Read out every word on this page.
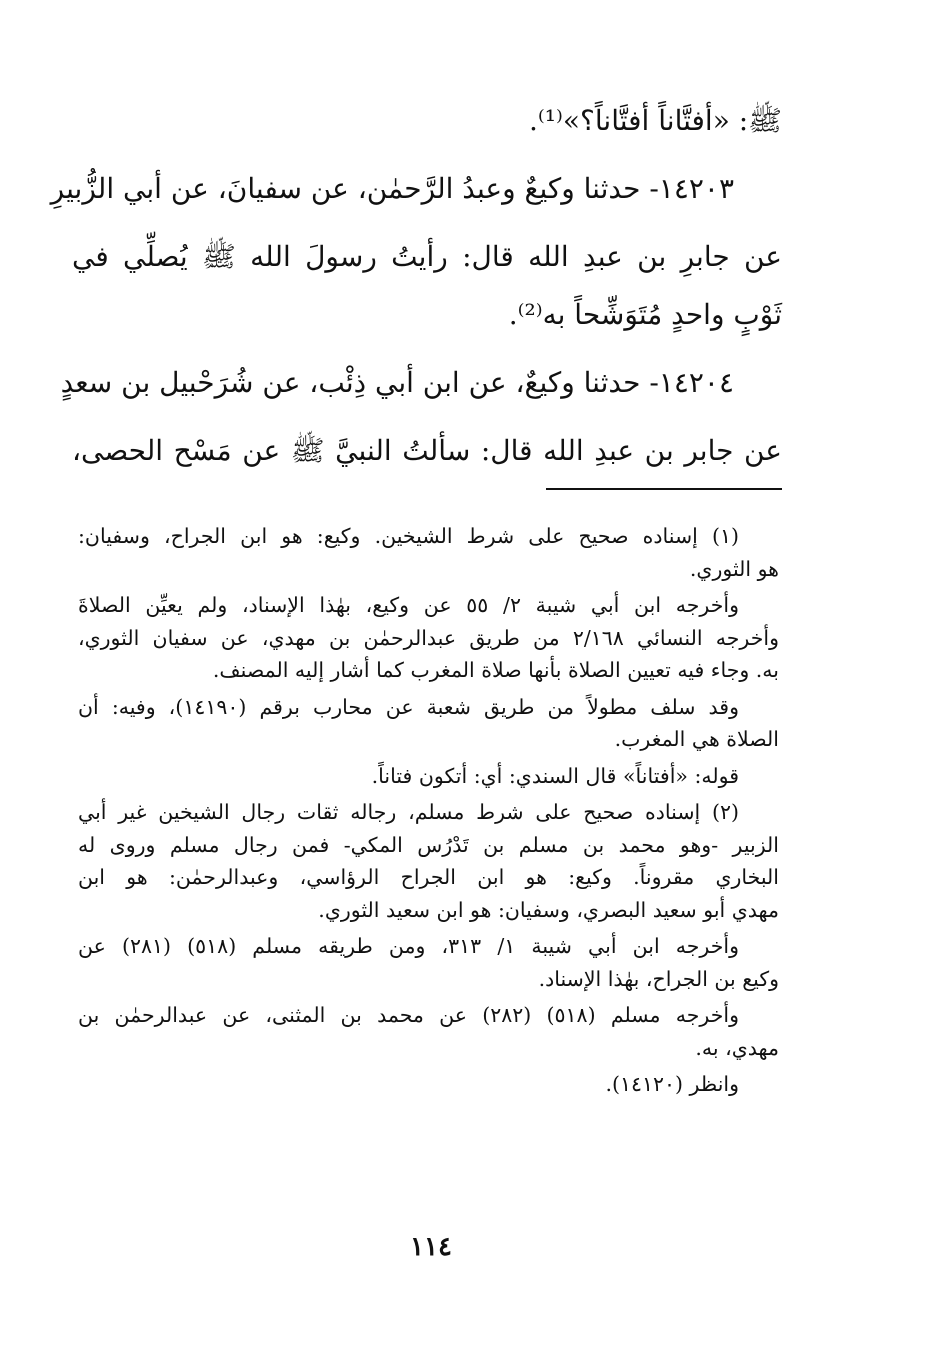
ﷺ: «أفتَّاناً أفتَّاناً؟»⁽¹⁾.
١٤٢٠٣- حدثنا وكيعٌ وعبدُ الرَّحمٰن، عن سفيانَ، عن أبي الزُّبيرِ
عن جابرِ بن عبدِ الله قال: رأيتُ رسولَ الله ﷺ يُصلِّي في
ثَوْبٍ واحدٍ مُتَوَشِّحاً به⁽²⁾.
١٤٢٠٤- حدثنا وكيعٌ، عن ابن أبي ذِئْب، عن شُرَحْبيل بن سعدٍ
عن جابر بن عبدِ الله قال: سألتُ النبيَّ ﷺ عن مَسْح الحصى،
(١) إسناده صحيح على شرط الشيخين. وكيع: هو ابن الجراح، وسفيان:
هو الثوري.
وأخرجه ابن أبي شيبة ٢/ ٥٥ عن وكيع، بهٰذا الإسناد، ولم يعيِّن الصلاةَ
وأخرجه النسائي ٢/١٦٨ من طريق عبدالرحمٰن بن مهدي، عن سفيان الثوري،
به. وجاء فيه تعيين الصلاة بأنها صلاة المغرب كما أشار إليه المصنف.
وقد سلف مطولاً من طريق شعبة عن محارب برقم (١٤١٩٠)، وفيه: أن
الصلاة هي المغرب.
قوله: «أفتاناً» قال السندي: أي: أتكون فتاناً.
(٢) إسناده صحيح على شرط مسلم، رجاله ثقات رجال الشيخين غير أبي
الزبير -وهو محمد بن مسلم بن تَدْرُس المكي- فمن رجال مسلم وروى له
البخاري مقروناً. وكيع: هو ابن الجراح الرؤاسي، وعبدالرحمٰن: هو ابن
مهدي أبو سعيد البصري، وسفيان: هو ابن سعيد الثوري.
وأخرجه ابن أبي شيبة ١/ ٣١٣، ومن طريقه مسلم (٥١٨) (٢٨١) عن
وكيع بن الجراح، بهٰذا الإسناد.
وأخرجه مسلم (٥١٨) (٢٨٢) عن محمد بن المثنى، عن عبدالرحمٰن بن
مهدي، به.
وانظر (١٤١٢٠).
١١٤
